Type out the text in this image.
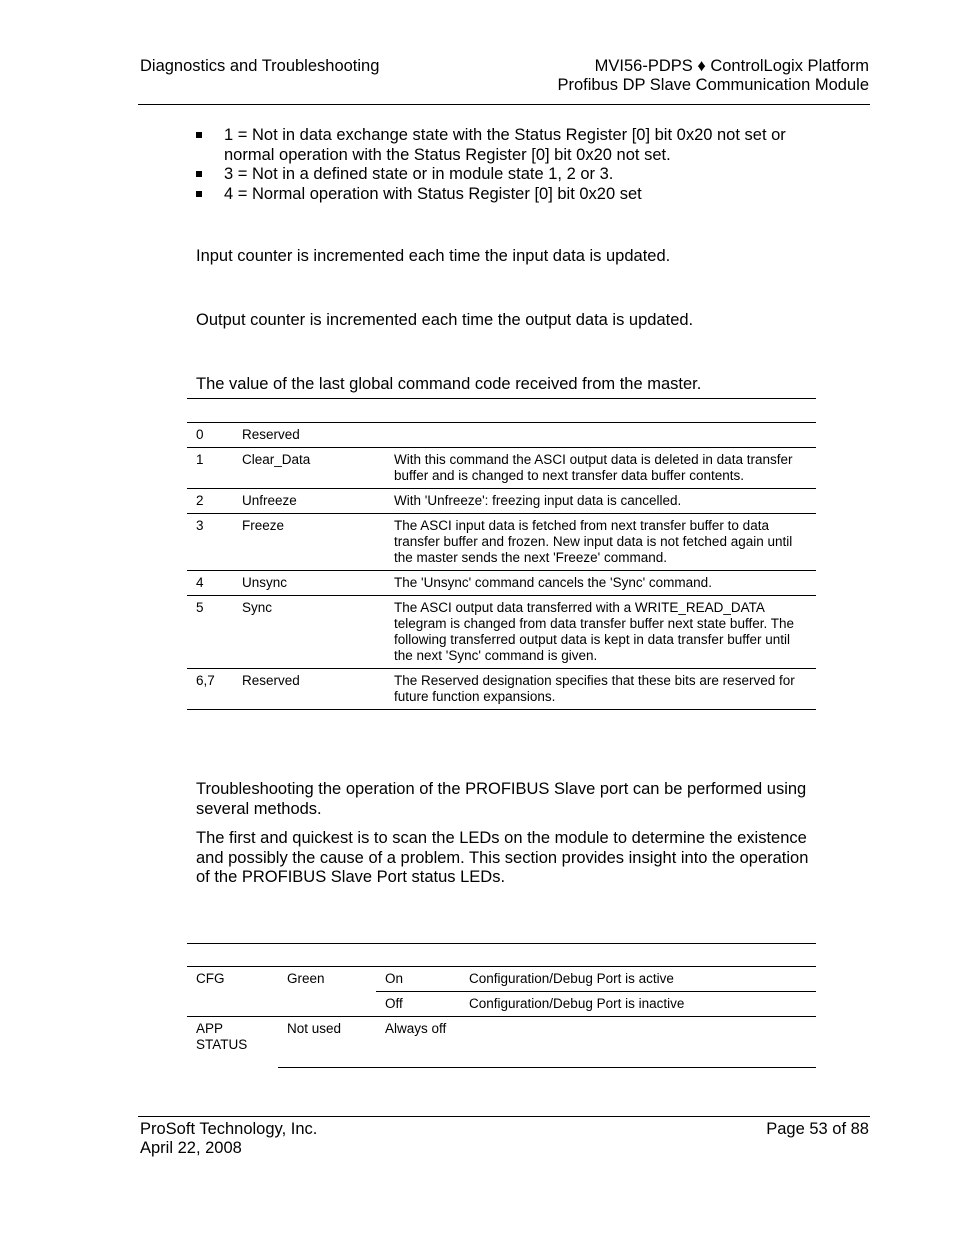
Diagnostics and Troubleshooting	MVI56-PDPS ♦ ControlLogix Platform
Profibus DP Slave Communication Module
1 = Not in data exchange state with the Status Register [0] bit 0x20 not set or normal operation with the Status Register [0] bit 0x20 not set.
3 = Not in a defined state or in module state 1, 2 or 3.
4 = Normal operation with Status Register [0] bit 0x20 set
Input counter is incremented each time the input data is updated.
Output counter is incremented each time the output data is updated.
The value of the last global command code received from the master.
0	Reserved	
1	Clear_Data	With this command the ASCI output data is deleted in data transfer buffer and is changed to next transfer data buffer contents.
2	Unfreeze	With 'Unfreeze': freezing input data is cancelled.
3	Freeze	The ASCI input data is fetched from next transfer buffer to data transfer buffer and frozen. New input data is not fetched again until the master sends the next 'Freeze' command.
4	Unsync	The 'Unsync' command cancels the 'Sync' command.
5	Sync	The ASCI output data transferred with a WRITE_READ_DATA telegram is changed from data transfer buffer next state buffer. The following transferred output data is kept in data transfer buffer until the next 'Sync' command is given.
6,7	Reserved	The Reserved designation specifies that these bits are reserved for future function expansions.
Troubleshooting the operation of the PROFIBUS Slave port can be performed using several methods.
The first and quickest is to scan the LEDs on the module to determine the existence and possibly the cause of a problem. This section provides insight into the operation of the PROFIBUS Slave Port status LEDs.
CFG	Green	On	Configuration/Debug Port is active
		Off	Configuration/Debug Port is inactive
APP STATUS	Not used	Always off	
ProSoft Technology, Inc.
April 22, 2008
Page 53 of 88
